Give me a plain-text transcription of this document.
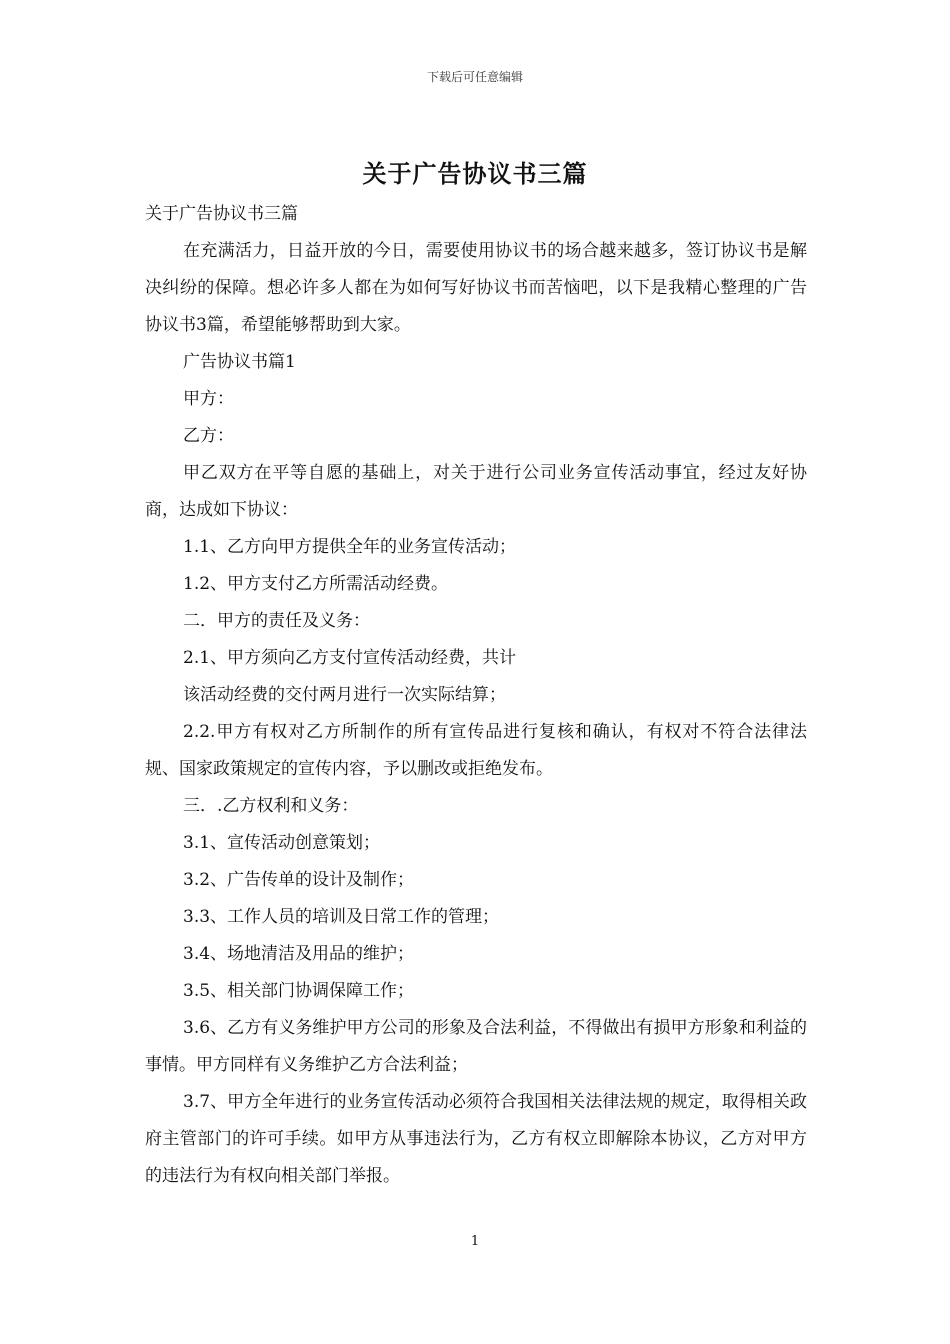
下载后可任意编辑
关于广告协议书三篇

关于广告协议书三篇

在充满活力，日益开放的今日，需要使用协议书的场合越来越多，签订协议书是解决纠纷的保障。想必许多人都在为如何写好协议书而苦恼吧，以下是我精心整理的广告协议书3篇，希望能够帮助到大家。

广告协议书篇1

甲方：

乙方：

甲乙双方在平等自愿的基础上，对关于进行公司业务宣传活动事宜，经过友好协商，达成如下协议：

1.1、乙方向甲方提供全年的业务宣传活动；

1.2、甲方支付乙方所需活动经费。

二．甲方的责任及义务：

2.1、甲方须向乙方支付宣传活动经费，共计

该活动经费的交付两月进行一次实际结算；

2.2.甲方有权对乙方所制作的所有宣传品进行复核和确认，有权对不符合法律法规、国家政策规定的宣传内容，予以删改或拒绝发布。

三．.乙方权利和义务：

3.1、宣传活动创意策划；

3.2、广告传单的设计及制作；

3.3、工作人员的培训及日常工作的管理；

3.4、场地清洁及用品的维护；

3.5、相关部门协调保障工作；

3.6、乙方有义务维护甲方公司的形象及合法利益，不得做出有损甲方形象和利益的事情。甲方同样有义务维护乙方合法利益；

3.7、甲方全年进行的业务宣传活动必须符合我国相关法律法规的规定，取得相关政府主管部门的许可手续。如甲方从事违法行为，乙方有权立即解除本协议，乙方对甲方的违法行为有权向相关部门举报。

1
